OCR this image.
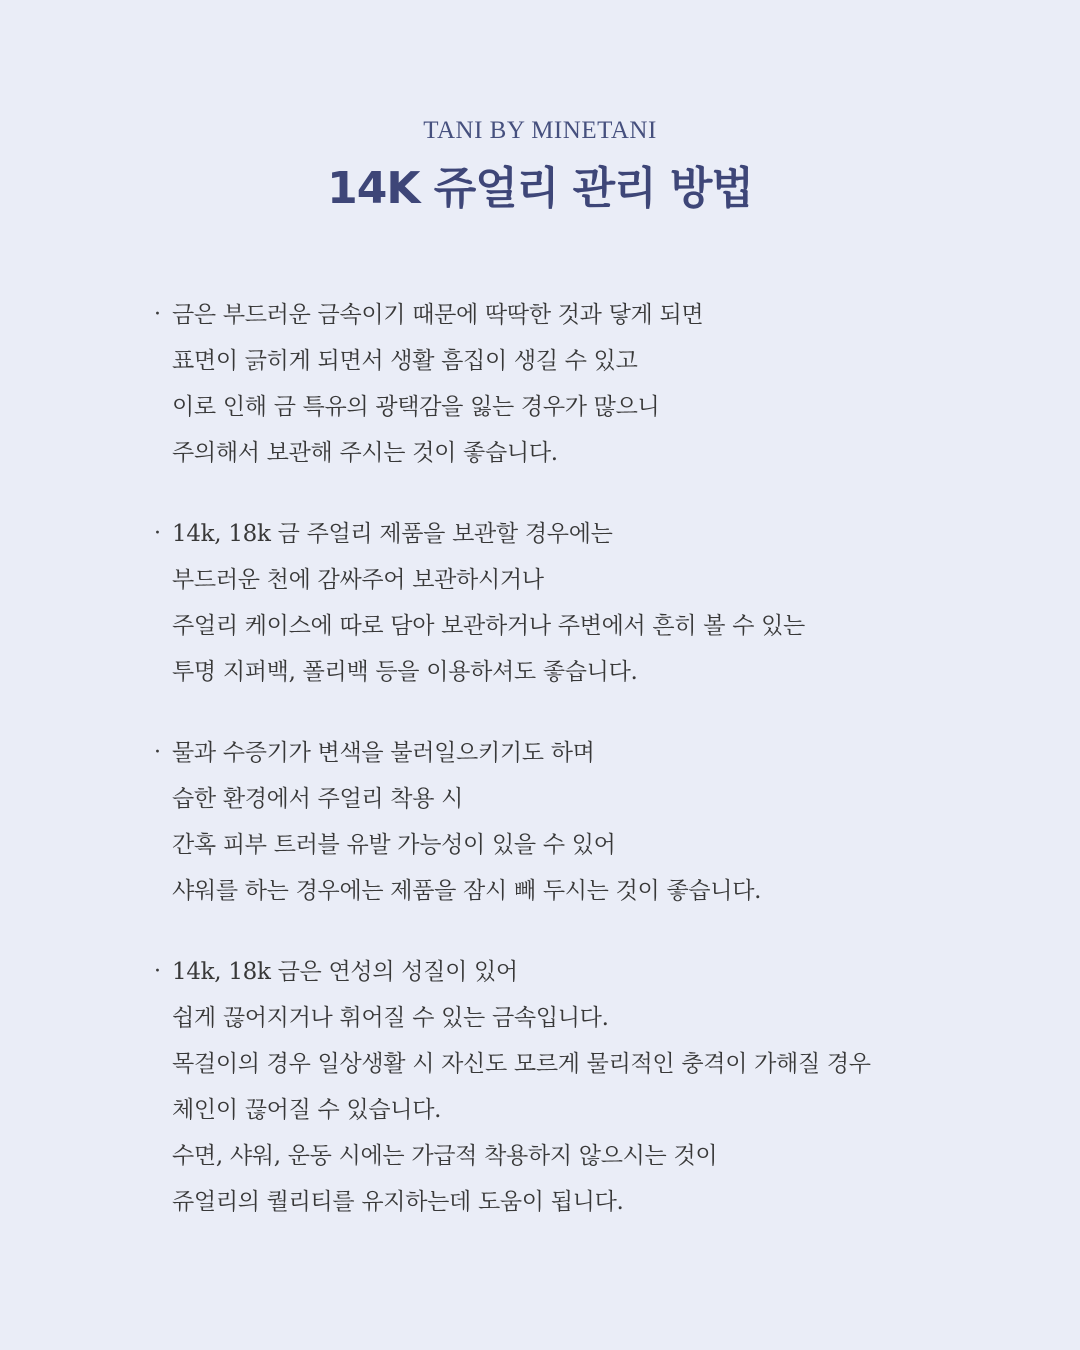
TANI BY MINETANI
14K 쥬얼리 관리 방법
· 금은 부드러운 금속이기 때문에 딱딱한 것과 닿게 되면
표면이 긁히게 되면서 생활 흠집이 생길 수 있고
이로 인해 금 특유의 광택감을 잃는 경우가 많으니
주의해서 보관해 주시는 것이 좋습니다.
· 14k, 18k 금 주얼리 제품을 보관할 경우에는
부드러운 천에 감싸주어 보관하시거나
주얼리 케이스에 따로 담아 보관하거나 주변에서 흔히 볼 수 있는
투명 지퍼백, 폴리백 등을 이용하셔도 좋습니다.
· 물과 수증기가 변색을 불러일으키기도 하며
습한 환경에서 주얼리 착용 시
간혹 피부 트러블 유발 가능성이 있을 수 있어
샤워를 하는 경우에는 제품을 잠시 빼 두시는 것이 좋습니다.
· 14k, 18k 금은 연성의 성질이 있어
쉽게 끊어지거나 휘어질 수 있는 금속입니다.
목걸이의 경우 일상생활 시 자신도 모르게 물리적인 충격이 가해질 경우
체인이 끊어질 수 있습니다.
수면, 샤워, 운동 시에는 가급적 착용하지 않으시는 것이
쥬얼리의 퀄리티를 유지하는데 도움이 됩니다.
